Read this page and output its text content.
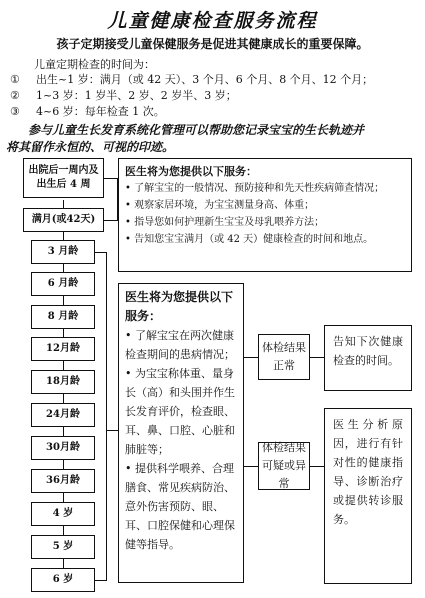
儿童健康检查服务流程
孩子定期接受儿童保健服务是促进其健康成长的重要保障。
儿童定期检查的时间为：
① 出生~1 岁：满月（或 42 天）、3 个月、6 个月、8 个月、12 个月；
② 1~3 岁：1 岁半、2 岁、2 岁半、3 岁；
③ 4~6 岁：每年检查 1 次。
参与儿童生长发育系统化管理可以帮助您记录宝宝的生长轨迹并
将其留作永恒的、可视的印迹。
出院后一周内及出生后 4 周
满月(或42天)
3 月龄
6 月龄
8 月龄
12月龄
18月龄
24月龄
30月龄
36月龄
4 岁
5 岁
6 岁
医生将为您提供以下服务：
• 了解宝宝的一般情况、预防接种和先天性疾病筛查情况；
• 观察家居环境，为宝宝测量身高、体重；
• 指导您如何护理新生宝宝及母乳喂养方法；
• 告知您宝宝满月（或 42 天）健康检查的时间和地点。
医生将为您提供以下服务：
• 了解宝宝在两次健康检查期间的患病情况；
• 为宝宝称体重、量身长（高）和头围并作生长发育评价，检查眼、耳、鼻、口腔、心脏和肺脏等；
• 提供科学喂养、合理膳食、常见疾病防治、意外伤害预防、眼、耳、口腔保健和心理保健等指导。
体检结果正常
告知下次健康检查的时间。
体检结果可疑或异常
医生分析原因，进行有针对性的健康指导、诊断治疗或提供转诊服务。
